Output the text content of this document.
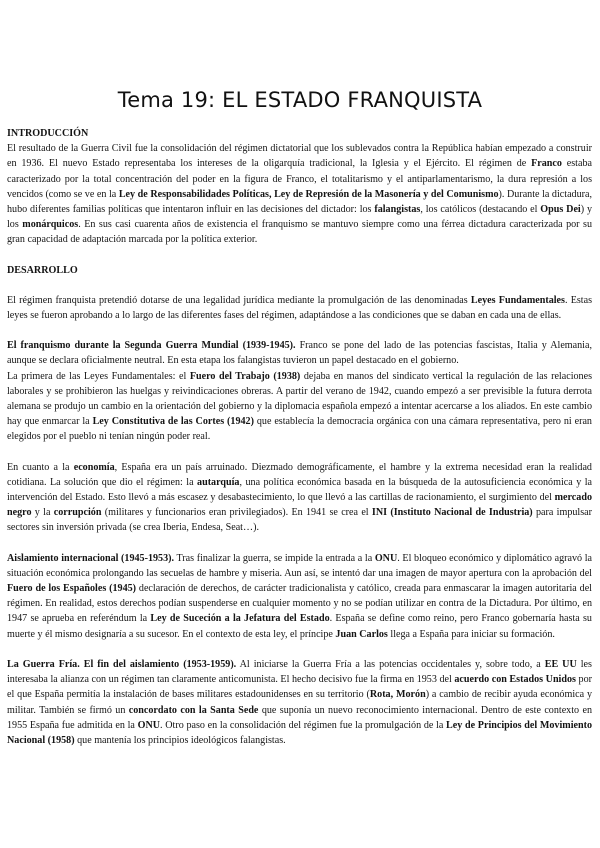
Tema 19: EL ESTADO FRANQUISTA

INTRODUCCIÓN

El resultado de la Guerra Civil fue la consolidación del régimen dictatorial que los sublevados contra la República habían empezado a construir en 1936. El nuevo Estado representaba los intereses de la oligarquía tradicional, la Iglesia y el Ejército. El régimen de Franco estaba caracterizado por la total concentración del poder en la figura de Franco, el totalitarismo y el antiparlamentarismo, la dura represión a los vencidos (como se ve en la Ley de Responsabilidades Políticas, Ley de Represión de la Masonería y del Comunismo). Durante la dictadura, hubo diferentes familias políticas que intentaron influir en las decisiones del dictador: los falangistas, los católicos (destacando el Opus Dei) y los monárquicos. En sus casi cuarenta años de existencia el franquismo se mantuvo siempre como una férrea dictadura caracterizada por su gran capacidad de adaptación marcada por la política exterior.

DESARROLLO

El régimen franquista pretendió dotarse de una legalidad jurídica mediante la promulgación de las denominadas Leyes Fundamentales. Estas leyes se fueron aprobando a lo largo de las diferentes fases del régimen, adaptándose a las condiciones que se daban en cada una de ellas.

El franquismo durante la Segunda Guerra Mundial (1939-1945). Franco se pone del lado de las potencias fascistas, Italia y Alemania, aunque se declara oficialmente neutral. En esta etapa los falangistas tuvieron un papel destacado en el gobierno.

La primera de las Leyes Fundamentales: el Fuero del Trabajo (1938) dejaba en manos del sindicato vertical la regulación de las relaciones laborales y se prohibieron las huelgas y reivindicaciones obreras. A partir del verano de 1942, cuando empezó a ser previsible la futura derrota alemana se produjo un cambio en la orientación del gobierno y la diplomacia española empezó a intentar acercarse a los aliados. En este cambio hay que enmarcar la Ley Constitutiva de las Cortes (1942) que establecía la democracia orgánica con una cámara representativa, pero ni eran elegidos por el pueblo ni tenían ningún poder real.

En cuanto a la economía, España era un país arruinado. Diezmado demográficamente, el hambre y la extrema necesidad eran la realidad cotidiana. La solución que dio el régimen: la autarquía, una política económica basada en la búsqueda de la autosuficiencia económica y la intervención del Estado. Esto llevó a más escasez y desabastecimiento, lo que llevó a las cartillas de racionamiento, el surgimiento del mercado negro y la corrupción (militares y funcionarios eran privilegiados). En 1941 se crea el INI (Instituto Nacional de Industria) para impulsar sectores sin inversión privada (se crea Iberia, Endesa, Seat…).

Aislamiento internacional (1945-1953). Tras finalizar la guerra, se impide la entrada a la ONU. El bloqueo económico y diplomático agravó la situación económica prolongando las secuelas de hambre y miseria. Aun así, se intentó dar una imagen de mayor apertura con la aprobación del Fuero de los Españoles (1945) declaración de derechos, de carácter tradicionalista y católico, creada para enmascarar la imagen autoritaria del régimen. En realidad, estos derechos podían suspenderse en cualquier momento y no se podían utilizar en contra de la Dictadura. Por último, en 1947 se aprueba en referéndum la Ley de Suceción a la Jefatura del Estado. España se define como reino, pero Franco gobernaría hasta su muerte y él mismo designaría a su sucesor. En el contexto de esta ley, el príncipe Juan Carlos llega a España para iniciar su formación.

La Guerra Fría. El fin del aislamiento (1953-1959). Al iniciarse la Guerra Fría a las potencias occidentales y, sobre todo, a EE UU les interesaba la alianza con un régimen tan claramente anticomunista. El hecho decisivo fue la firma en 1953 del acuerdo con Estados Unidos por el que España permitía la instalación de bases militares estadounidenses en su territorio (Rota, Morón) a cambio de recibir ayuda económica y militar. También se firmó un concordato con la Santa Sede que suponía un nuevo reconocimiento internacional. Dentro de este contexto en 1955 España fue admitida en la ONU. Otro paso en la consolidación del régimen fue la promulgación de la Ley de Principios del Movimiento Nacional (1958) que mantenía los principios ideológicos falangistas.
